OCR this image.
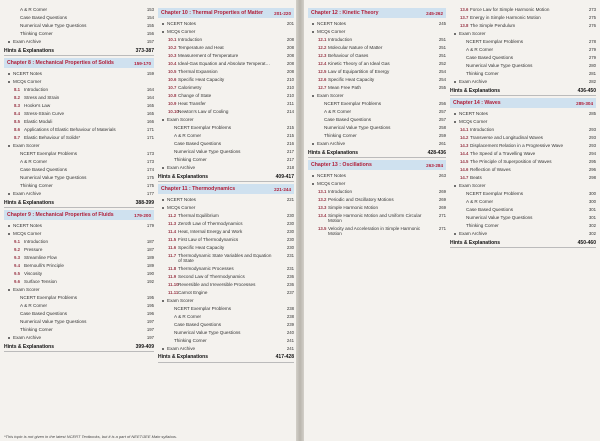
A & R Corner	153
Case Based Questions	154
Numerical Value Type Questions	155
Thinking Corner	156
Exam Archive	157
Hints & Explanations	373-387
Chapter 8 : Mechanical Properties of Solids	159-170
NCERT Notes	159
MCQs Corner
8.1 Introduction	164
8.2 Stress and Strain	164
8.3 Hooke's Law	165
8.4 Stress-Strain Curve	165
8.5 Elastic Moduli	166
8.6 Applications of Elastic Behaviour of Materials	171
8.7 Elastic Behaviour of Solids*	171
Exam Scorer
NCERT Exemplar Problems	173
A & R Corner	173
Case Based Questions	174
Numerical Value Type Questions	175
Thinking Corner	175
Exam Archive	177
Hints & Explanations	388-399
Chapter 9 : Mechanical Properties of Fluids	179-200
NCERT Notes	179
MCQs Corner
9.1 Introduction	187
9.2 Pressure	187
9.3 Streamline Flow	189
9.4 Bernoulli's Principle	189
9.5 Viscosity	190
9.6 Surface Tension	192
Exam Scorer
NCERT Exemplar Problems	195
A & R Corner	195
Case Based Questions	196
Numerical Value Type Questions	197
Thinking Corner	197
Exam Archive	197
Hints & Explanations	399-409
Chapter 10 : Thermal Properties of Matter	201-220
NCERT Notes	201
MCQs Corner
10.1 Introduction	208
10.2 Temperature and Heat	208
10.3 Measurement of Temperature	208
10.4 Ideal-Gas Equation and Absolute Temperature	208
10.5 Thermal Expansion	208
10.6 Specific Heat Capacity	210
10.7 Calorimetry	210
10.8 Change of State	210
10.9 Heat Transfer	211
10.10 Newton's Law of Cooling	214
Exam Scorer
NCERT Exemplar Problems	215
A & R Corner	215
Case Based Questions	216
Numerical Value Type Questions	217
Thinking Corner	217
Exam Archive	218
Hints & Explanations	409-417
Chapter 11 : Thermodynamics	221-244
NCERT Notes	221
MCQs Corner
11.2 Thermal Equilibrium	230
11.3 Zeroth Law of Thermodynamics	230
11.4 Heat, Internal Energy and Work	230
11.5 First Law of Thermodynamics	230
11.6 Specific Heat Capacity	230
11.7 Thermodynamic State Variables and Equation of State
231
11.8 Thermodynamic Processes	231
11.9 Second Law of Thermodynamics	236
11.10 Reversible and Irreversible Processes	236
11.11 Carnot Engine	237
Exam Scorer
NCERT Exemplar Problems	238
A & R Corner	238
Case Based Questions	239
Numerical Value Type Questions	240
Thinking Corner	241
Exam Archive	241
Hints & Explanations	417-428
Chapter 12 : Kinetic Theory	245-262
NCERT Notes	245
MCQs Corner
12.1 Introduction	251
12.2 Molecular Nature of Matter	251
12.3 Behaviour of Gases	251
12.4 Kinetic Theory of an Ideal Gas	252
12.5 Law of Equipartition of Energy	254
12.6 Specific Heat Capacity	254
12.7 Mean Free Path	255
Exam Scorer
NCERT Exemplar Problems	256
A & R Corner	257
Case Based Questions	257
Numerical Value Type Questions	258
Thinking Corner	259
Exam Archive	261
Hints & Explanations	428-436
Chapter 13 : Oscillations	263-284
NCERT Notes	263
MCQs Corner
13.1 Introduction	269
13.2 Periodic and Oscillatory Motions	269
13.3 Simple Harmonic Motion	269
13.4 Simple Harmonic Motion and Uniform Circular Motion
271
13.5 Velocity and Acceleration in Simple Harmonic Motion
271
13.6 Force Law for Simple Harmonic Motion	273
13.7 Energy in Simple Harmonic Motion	275
13.8 The Simple Pendulum	276
Exam Scorer
NCERT Exemplar Problems	278
A & R Corner	279
Case Based Questions	279
Numerical Value Type Questions	280
Thinking Corner	281
Exam Archive	282
Hints & Explanations	436-450
Chapter 14 : Waves	285-304
NCERT Notes	285
MCQs Corner
14.1 Introduction	293
14.2 Transverse and Longitudinal Waves	293
14.3 Displacement Relation in a Progressive Wave	293
14.4 The Speed of a Travelling Wave	294
14.5 The Principle of Superposition of Waves	295
14.6 Reflection of Waves	296
14.7 Beats	298
Exam Scorer
NCERT Exemplar Problems	300
A & R Corner	300
Case Based Questions	301
Numerical Value Type Questions	301
Thinking Corner	302
Exam Archive	302
Hints & Explanations	450-460
*This topic is not given in the latest NCERT Textbooks, but it is a part of NEET/JEE Main syllabus.
